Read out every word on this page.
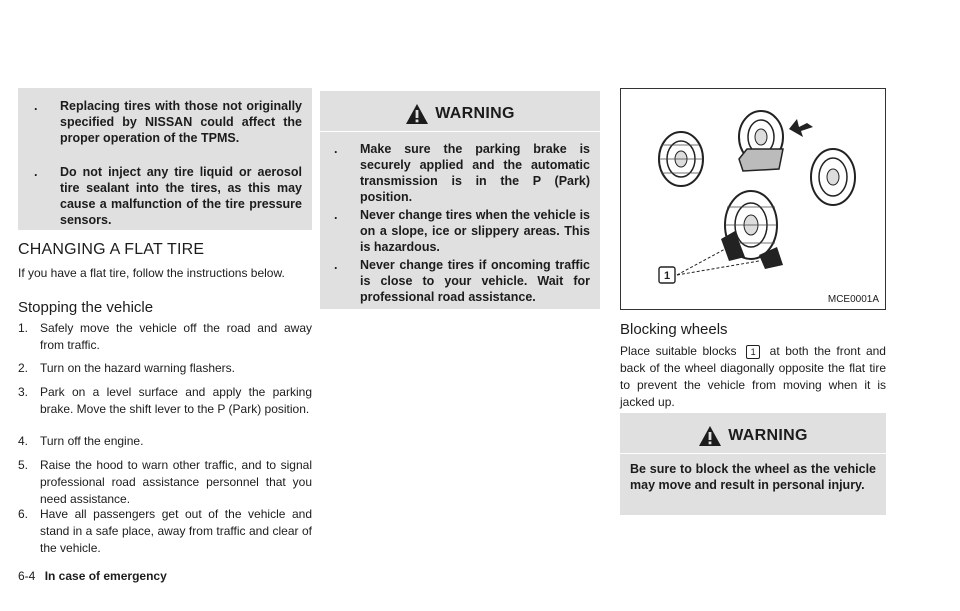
. Replacing tires with those not originally specified by NISSAN could affect the proper operation of the TPMS.
. Do not inject any tire liquid or aerosol tire sealant into the tires, as this may cause a malfunction of the tire pressure sensors.
CHANGING A FLAT TIRE
If you have a flat tire, follow the instructions below.
Stopping the vehicle
1. Safely move the vehicle off the road and away from traffic.
2. Turn on the hazard warning flashers.
3. Park on a level surface and apply the parking brake. Move the shift lever to the P (Park) position.
4. Turn off the engine.
5. Raise the hood to warn other traffic, and to signal professional road assistance personnel that you need assistance.
6. Have all passengers get out of the vehicle and stand in a safe place, away from traffic and clear of the vehicle.
WARNING
. Make sure the parking brake is securely applied and the automatic transmission is in the P (Park) position.
. Never change tires when the vehicle is on a slope, ice or slippery areas. This is hazardous.
. Never change tires if oncoming traffic is close to your vehicle. Wait for professional road assistance.
1
MCE0001A
Blocking wheels
Place suitable blocks 1 at both the front and back of the wheel diagonally opposite the flat tire to prevent the vehicle from moving when it is jacked up.
WARNING
Be sure to block the wheel as the vehicle may move and result in personal injury.
6-4 In case of emergency
